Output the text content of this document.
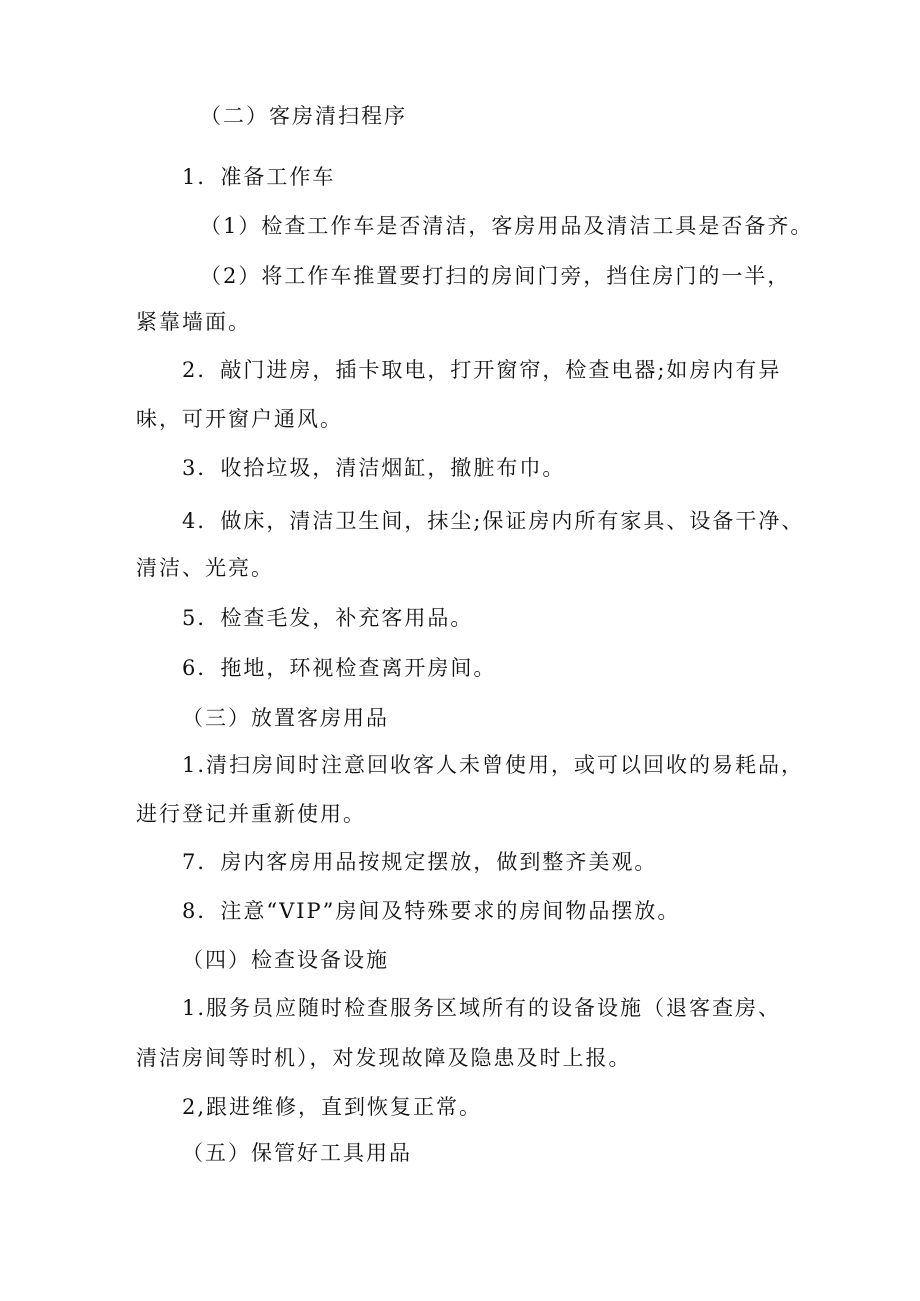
（二）客房清扫程序
1．准备工作车
（1）检查工作车是否清洁，客房用品及清洁工具是否备齐。
（2）将工作车推置要打扫的房间门旁，挡住房门的一半，
紧靠墙面。
2．敲门进房，插卡取电，打开窗帘，检查电器;如房内有异
味，可开窗户通风。
3．收拾垃圾，清洁烟缸，撤脏布巾。
4．做床，清洁卫生间，抹尘;保证房内所有家具、设备干净、
清洁、光亮。
5．检查毛发，补充客用品。
6．拖地，环视检查离开房间。
（三）放置客房用品
1.清扫房间时注意回收客人未曾使用，或可以回收的易耗品，
进行登记并重新使用。
7．房内客房用品按规定摆放，做到整齐美观。
8．注意“VIP”房间及特殊要求的房间物品摆放。
（四）检查设备设施
1.服务员应随时检查服务区域所有的设备设施（退客查房、
清洁房间等时机），对发现故障及隐患及时上报。
2,跟进维修，直到恢复正常。
（五）保管好工具用品
